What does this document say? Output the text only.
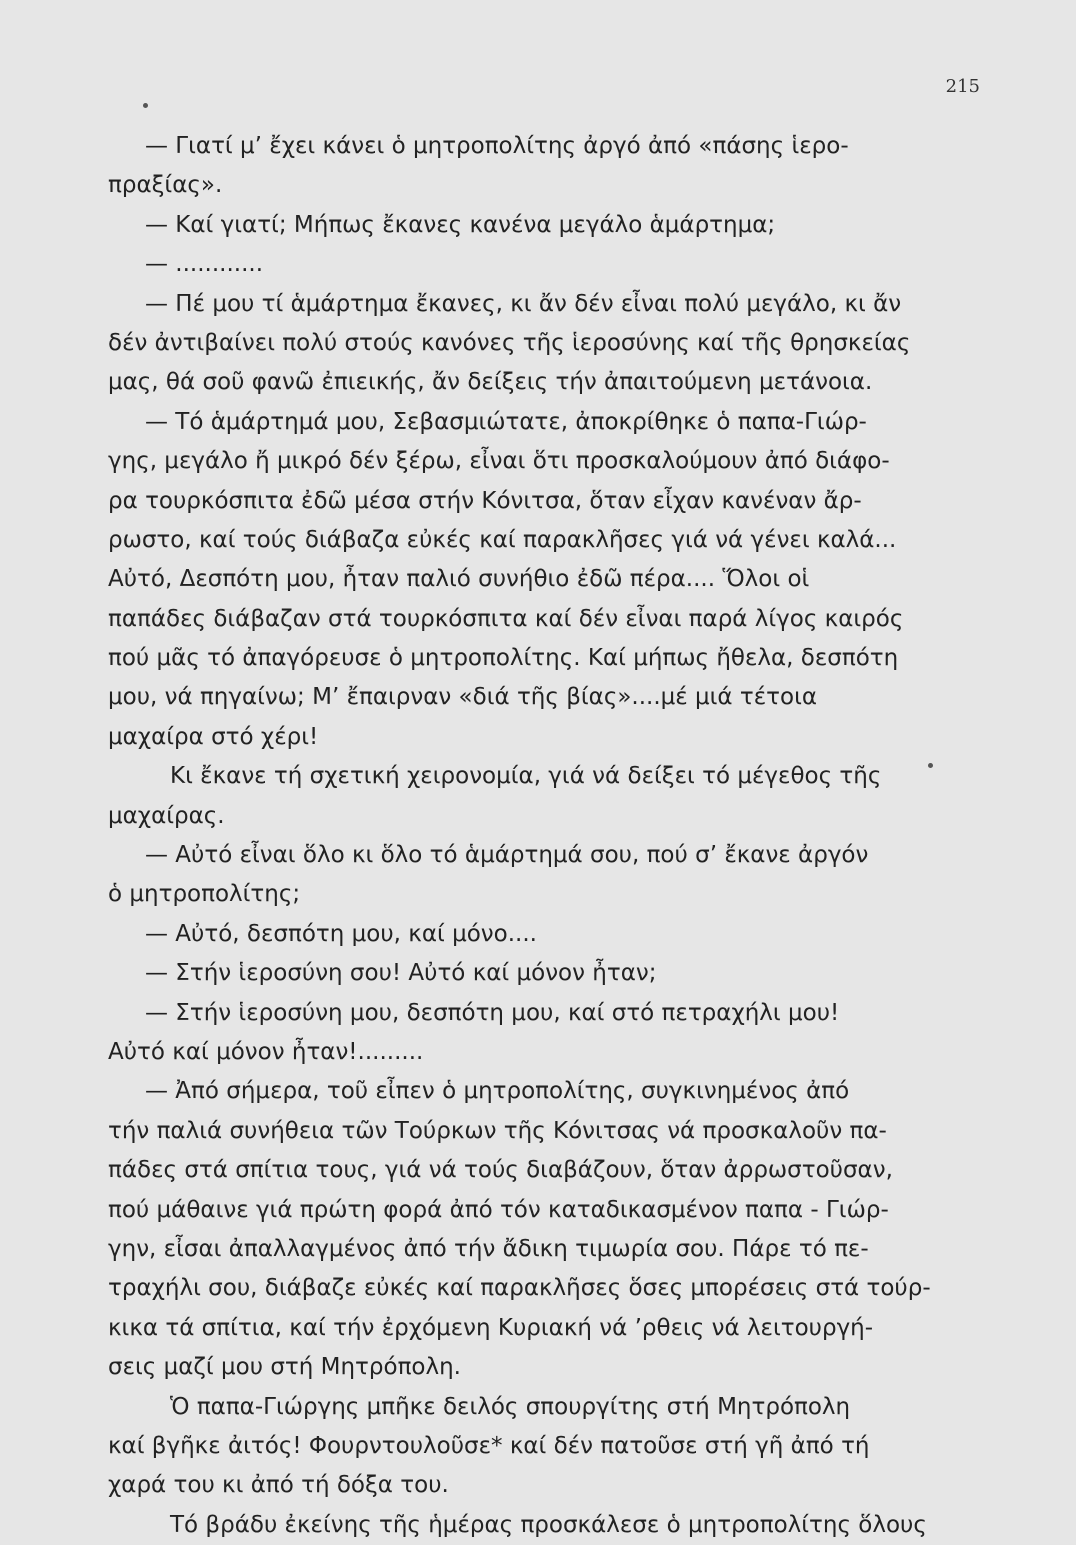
215
— Γιατί μ’ ἔχει κάνει ὁ μητροπολίτης ἀργό ἀπό «πάσης ἱερο-
πραξίας».
— Καί γιατί; Μήπως ἔκανες κανένα μεγάλο ἁμάρτημα;
— ............
— Πέ μου τί ἁμάρτημα ἔκανες, κι ἄν δέν εἶναι πολύ μεγάλο, κι ἄν
δέν ἀντιβαίνει πολύ στούς κανόνες τῆς ἱεροσύνης καί τῆς θρησκείας
μας, θά σοῦ φανῶ ἐπιεικής, ἄν δείξεις τήν ἀπαιτούμενη μετάνοια.
— Τό ἁμάρτημά μου, Σεβασμιώτατε, ἀποκρίθηκε ὁ παπα-Γιώρ-
γης, μεγάλο ἤ μικρό δέν ξέρω, εἶναι ὅτι προσκαλούμουν ἀπό διάφο-
ρα τουρκόσπιτα ἐδῶ μέσα στήν Κόνιτσα, ὅταν εἶχαν κανέναν ἄρ-
ρωστο, καί τούς διάβαζα εὐκές καί παρακλῆσες γιά νά γένει καλά...
Αὐτό, Δεσπότη μου, ἦταν παλιό συνήθιο ἐδῶ πέρα.... Ὅλοι οἱ
παπάδες διάβαζαν στά τουρκόσπιτα καί δέν εἶναι παρά λίγος καιρός
πού μᾶς τό ἀπαγόρευσε ὁ μητροπολίτης. Καί μήπως ἤθελα, δεσπότη
μου, νά πηγαίνω; Μ’ ἔπαιρναν «διά τῆς βίας»....μέ μιά τέτοια
μαχαίρα στό χέρι!
Κι ἔκανε τή σχετική χειρονομία, γιά νά δείξει τό μέγεθος τῆς
μαχαίρας.
— Αὐτό εἶναι ὅλο κι ὅλο τό ἁμάρτημά σου, πού σ’ ἔκανε ἀργόν
ὁ μητροπολίτης;
— Αὐτό, δεσπότη μου, καί μόνο....
— Στήν ἱεροσύνη σου! Αὐτό καί μόνον ἦταν;
— Στήν ἱεροσύνη μου, δεσπότη μου, καί στό πετραχήλι μου!
Αὐτό καί μόνον ἦταν!.........
— Ἀπό σήμερα, τοῦ εἶπεν ὁ μητροπολίτης, συγκινημένος ἀπό
τήν παλιά συνήθεια τῶν Τούρκων τῆς Κόνιτσας νά προσκαλοῦν πα-
πάδες στά σπίτια τους, γιά νά τούς διαβάζουν, ὅταν ἀρρωστοῦσαν,
πού μάθαινε γιά πρώτη φορά ἀπό τόν καταδικασμένον παπα - Γιώρ-
γην, εἶσαι ἀπαλλαγμένος ἀπό τήν ἄδικη τιμωρία σου. Πάρε τό πε-
τραχήλι σου, διάβαζε εὐκές καί παρακλῆσες ὅσες μπορέσεις στά τούρ-
κικα τά σπίτια, καί τήν ἐρχόμενη Κυριακή νά ’ρθεις νά λειτουργή-
σεις μαζί μου στή Μητρόπολη.
Ὁ παπα-Γιώργης μπῆκε δειλός σπουργίτης στή Μητρόπολη
καί βγῆκε ἀιτός! Φουρντουλοῦσε* καί δέν πατοῦσε στή γῆ ἀπό τή
χαρά του κι ἀπό τή δόξα του.
Τό βράδυ ἐκείνης τῆς ἡμέρας προσκάλεσε ὁ μητροπολίτης ὅλους
